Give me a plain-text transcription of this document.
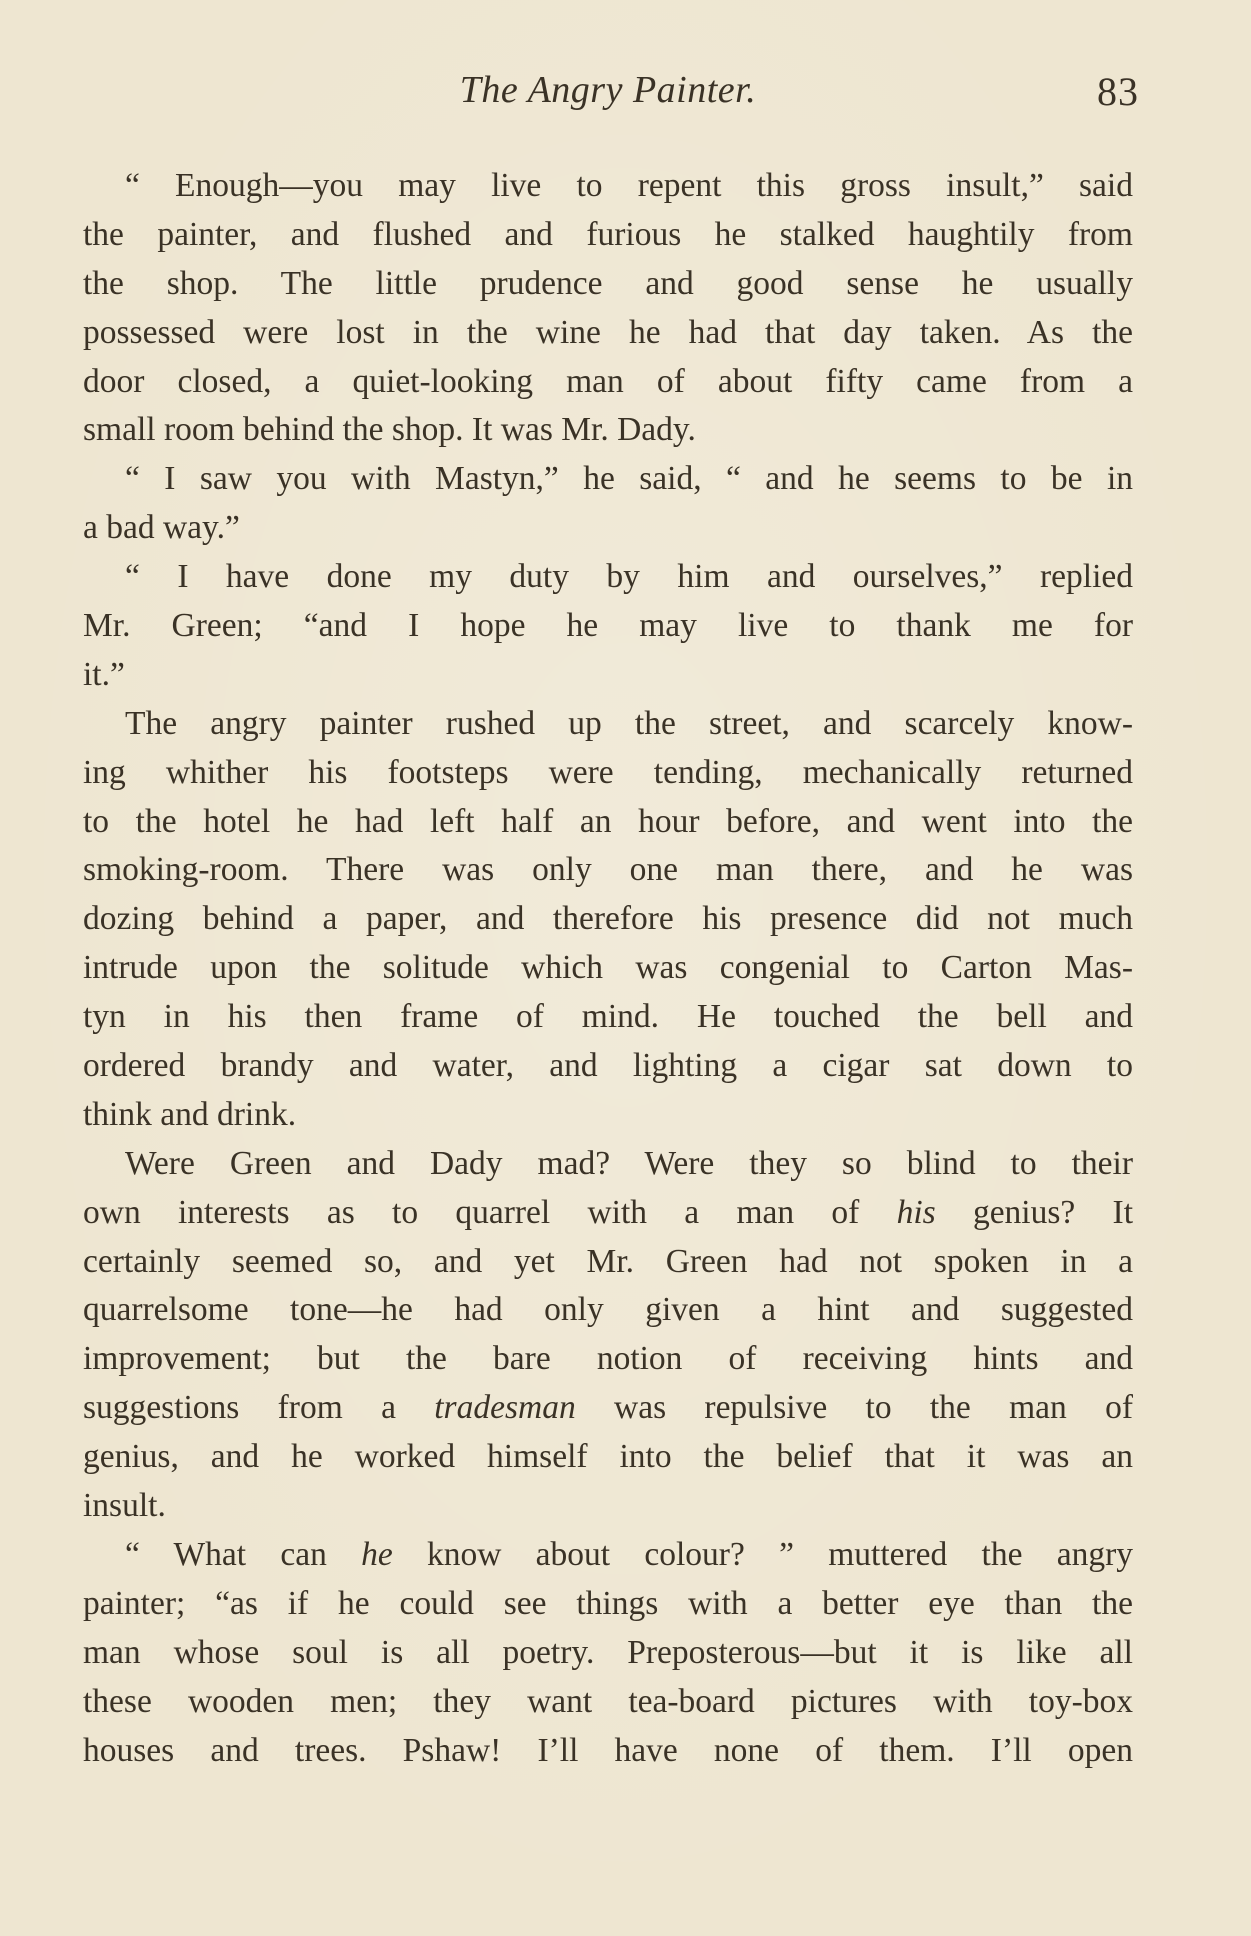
The Angry Painter.	83
“ Enough—you may live to repent this gross insult,” said
the painter, and flushed and furious he stalked haughtily from
the shop. The little prudence and good sense he usually
possessed were lost in the wine he had that day taken. As the
door closed, a quiet-looking man of about fifty came from a
small room behind the shop. It was Mr. Dady.
“ I saw you with Mastyn,” he said, “ and he seems to be in
a bad way.”
“ I have done my duty by him and ourselves,” replied
Mr. Green; “and I hope he may live to thank me for
it.”
The angry painter rushed up the street, and scarcely know-
ing whither his footsteps were tending, mechanically returned
to the hotel he had left half an hour before, and went into the
smoking-room. There was only one man there, and he was
dozing behind a paper, and therefore his presence did not much
intrude upon the solitude which was congenial to Carton Mas-
tyn in his then frame of mind. He touched the bell and
ordered brandy and water, and lighting a cigar sat down to
think and drink.
Were Green and Dady mad? Were they so blind to their
own interests as to quarrel with a man of his genius? It
certainly seemed so, and yet Mr. Green had not spoken in a
quarrelsome tone—he had only given a hint and suggested
improvement; but the bare notion of receiving hints and
suggestions from a tradesman was repulsive to the man of
genius, and he worked himself into the belief that it was an
insult.
“ What can he know about colour? ” muttered the angry
painter; “as if he could see things with a better eye than the
man whose soul is all poetry. Preposterous—but it is like all
these wooden men; they want tea-board pictures with toy-box
houses and trees. Pshaw! I’ll have none of them. I’ll open
